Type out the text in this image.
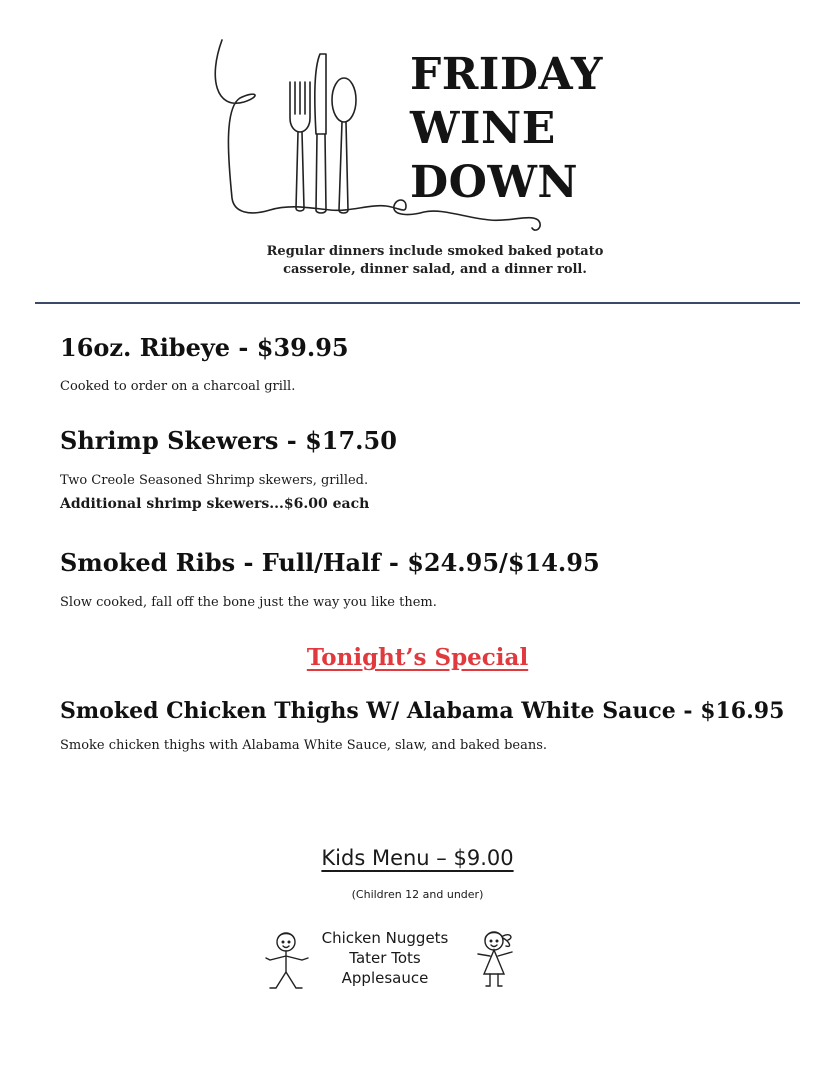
FRIDAY
WINE
DOWN
Regular dinners include smoked baked potato casserole, dinner salad, and a dinner roll.
16oz. Ribeye - $39.95
Cooked to order on a charcoal grill.
Shrimp Skewers - $17.50
Two Creole Seasoned Shrimp skewers, grilled.
Additional shrimp skewers...$6.00 each
Smoked Ribs - Full/Half - $24.95/$14.95
Slow cooked, fall off the bone just the way you like them.
Tonight’s Special
Smoked Chicken Thighs W/ Alabama White Sauce - $16.95
Smoke chicken thighs with Alabama White Sauce, slaw, and baked beans.
Kids Menu – $9.00
(Children 12 and under)
Chicken Nuggets
Tater Tots
Applesauce
